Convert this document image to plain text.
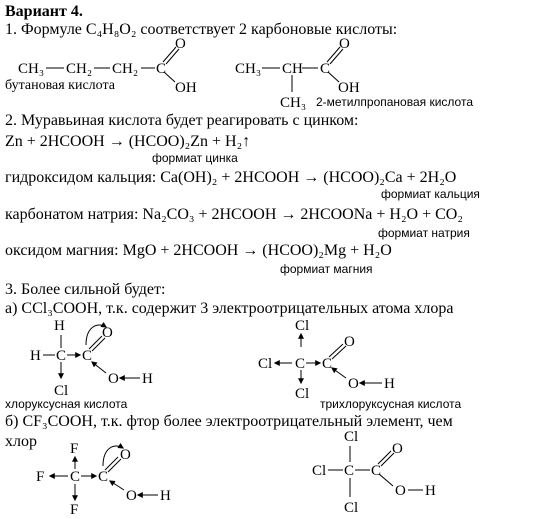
Вариант 4.
1. Формуле C₄H₈O₂ соответствует 2 карбоновые кислоты:
бутановая кислота
2-метилпропановая кислота
2. Муравьиная кислота будет реагировать с цинком:
Zn + 2HCOOH → (HCOO)₂Zn + H₂↑
формиат цинка
гидроксидом кальция: Ca(OH)₂ + 2HCOOH → (HCOO)₂Ca + 2H₂O
формиат кальция
карбонатом натрия: Na₂CO₃ + 2HCOOH → 2HCOONa + H₂O + CO₂
формиат натрия
оксидом магния: MgO + 2HCOOH → (HCOO)₂Mg + H₂O
формиат магния
3. Более сильной будет:
а) CCl₃COOH, т.к. содержит 3 электроотрицательных атома хлора
хлоруксусная кислота	трихлоруксусная кислота
б) CF₃COOH, т.к. фтор более электроотрицательный элемент, чем
хлор
CH₃ CH₂ CH₂ C
O
OH
CH₃ CH C
O
OH
CH₃
H
H C C
O
Cl
O H
Cl
Cl C C
O
Cl
O H
F
F C C
O
F
O H
Cl
Cl C C
O
O H
Cl
